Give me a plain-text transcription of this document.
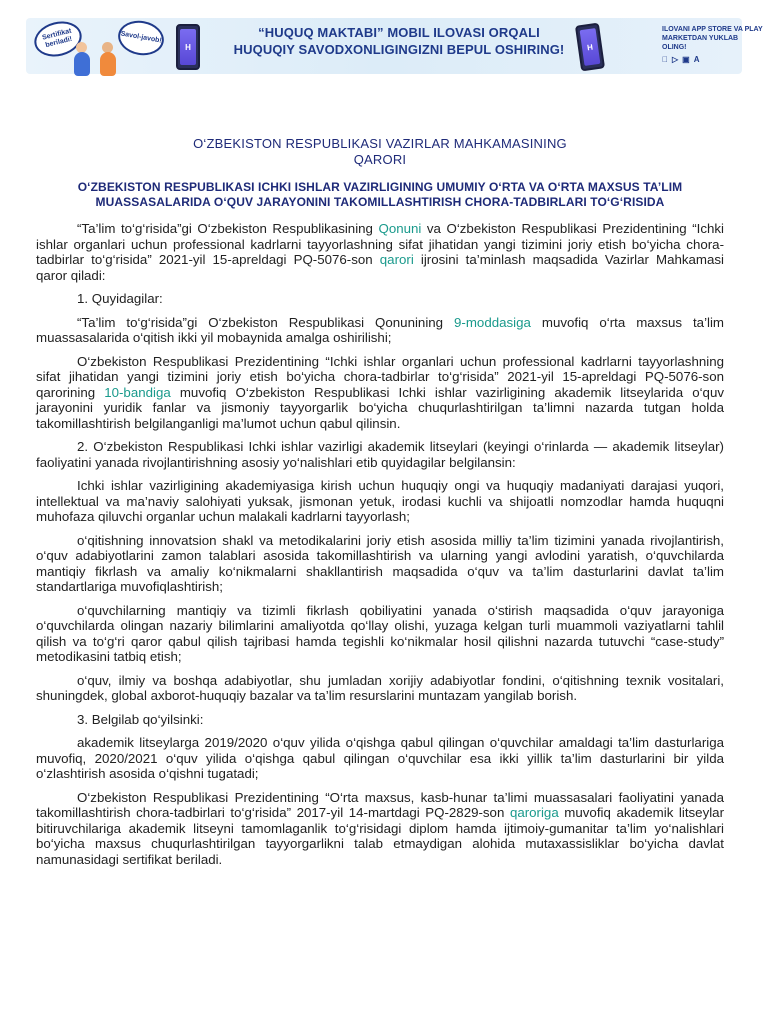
Sertifikat beriladi!	Savol-javob!
H
“HUQUQ MAKTABI” MOBIL ILOVASI ORQALI
HUQUQIY SAVODXONLIGINGIZNI BEPUL OSHIRING!	H
ILOVANI APP STORE VA PLAY MARKETDAN YUKLAB OLING!
▷ ▣ A
O‘ZBEKISTON RESPUBLIKASI VAZIRLAR MAHKAMASINING
QARORI
O‘ZBEKISTON RESPUBLIKASI ICHKI ISHLAR VAZIRLIGINING UMUMIY O‘RTA VA O‘RTA MAXSUS TA’LIM MUASSASALARIDA O‘QUV JARAYONINI TAKOMILLASHTIRISH CHORA-TADBIRLARI TO‘G‘RISIDA

“Ta’lim to‘g‘risida”gi O‘zbekiston Respublikasining Qonuni va O‘zbekiston Respublikasi Prezidentining “Ichki ishlar organlari uchun professional kadrlarni tayyorlashning sifat jihatidan yangi tizimini joriy etish bo‘yicha chora-tadbirlar to‘g‘risida” 2021-yil 15-apreldagi PQ-5076-son qarori ijrosini ta’minlash maqsadida Vazirlar Mahkamasi qaror qiladi:

1. Quyidagilar:

“Ta’lim to‘g‘risida”gi O‘zbekiston Respublikasi Qonunining 9-moddasiga muvofiq o‘rta maxsus ta’lim muassasalarida o‘qitish ikki yil mobaynida amalga oshirilishi;

O‘zbekiston Respublikasi Prezidentining “Ichki ishlar organlari uchun professional kadrlarni tayyorlashning sifat jihatidan yangi tizimini joriy etish bo‘yicha chora-tadbirlar to‘g‘risida” 2021-yil 15-apreldagi PQ-5076-son qarorining 10-bandiga muvofiq O‘zbekiston Respublikasi Ichki ishlar vazirligining akademik litseylarida o‘quv jarayonini yuridik fanlar va jismoniy tayyorgarlik bo‘yicha chuqurlashtirilgan ta’limni nazarda tutgan holda takomillashtirish belgilanganligi ma’lumot uchun qabul qilinsin.

2. O‘zbekiston Respublikasi Ichki ishlar vazirligi akademik litseylari (keyingi o‘rinlarda — akademik litseylar) faoliyatini yanada rivojlantirishning asosiy yo‘nalishlari etib quyidagilar belgilansin:

Ichki ishlar vazirligining akademiyasiga kirish uchun huquqiy ongi va huquqiy madaniyati darajasi yuqori, intellektual va ma’naviy salohiyati yuksak, jismonan yetuk, irodasi kuchli va shijoatli nomzodlar hamda huquqni muhofaza qiluvchi organlar uchun malakali kadrlarni tayyorlash;

o‘qitishning innovatsion shakl va metodikalarini joriy etish asosida milliy ta’lim tizimini yanada rivojlantirish, o‘quv adabiyotlarini zamon talablari asosida takomillashtirish va ularning yangi avlodini yaratish, o‘quvchilarda mantiqiy fikrlash va amaliy ko‘nikmalarni shakllantirish maqsadida o‘quv va ta’lim dasturlarini davlat ta’lim standartlariga muvofiqlashtirish;

o‘quvchilarning mantiqiy va tizimli fikrlash qobiliyatini yanada o‘stirish maqsadida o‘quv jarayoniga o‘quvchilarda olingan nazariy bilimlarini amaliyotda qo‘llay olishi, yuzaga kelgan turli muammoli vaziyatlarni tahlil qilish va to‘g‘ri qaror qabul qilish tajribasi hamda tegishli ko‘nikmalar hosil qilishni nazarda tutuvchi “case-study” metodikasini tatbiq etish;

o‘quv, ilmiy va boshqa adabiyotlar, shu jumladan xorijiy adabiyotlar fondini, o‘qitishning texnik vositalari, shuningdek, global axborot-huquqiy bazalar va ta’lim resurslarini muntazam yangilab borish.

3. Belgilab qo‘yilsinki:

akademik litseylarga 2019/2020 o‘quv yilida o‘qishga qabul qilingan o‘quvchilar amaldagi ta’lim dasturlariga muvofiq, 2020/2021 o‘quv yilida o‘qishga qabul qilingan o‘quvchilar esa ikki yillik ta’lim dasturlarini bir yilda o‘zlashtirish asosida o‘qishni tugatadi;

O‘zbekiston Respublikasi Prezidentining “O‘rta maxsus, kasb-hunar ta’limi muassasalari faoliyatini yanada takomillashtirish chora-tadbirlari to‘g‘risida” 2017-yil 14-martdagi PQ-2829-son qaroriga muvofiq akademik litseylar bitiruvchilariga akademik litseyni tamomlaganlik to‘g‘risidagi diplom hamda ijtimoiy-gumanitar ta’lim yo‘nalishlari bo‘yicha maxsus chuqurlashtirilgan tayyorgarlikni talab etmaydigan alohida mutaxassisliklar bo‘yicha davlat namunasidagi sertifikat beriladi.
